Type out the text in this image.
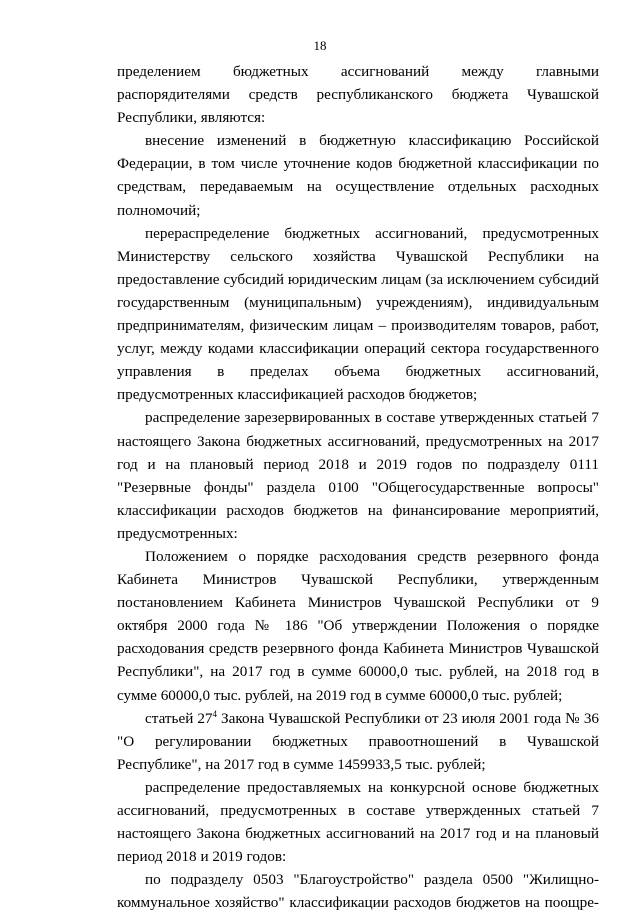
18

пределением бюджетных ассигнований между главными распорядителями средств республиканского бюджета Чувашской Республики, являются:

внесение изменений в бюджетную классификацию Российской Федерации, в том числе уточнение кодов бюджетной классификации по средствам, передаваемым на осуществление отдельных расходных полномочий;

перераспределение бюджетных ассигнований, предусмотренных Министерству сельского хозяйства Чувашской Республики на предоставление субсидий юридическим лицам (за исключением субсидий государственным (муниципальным) учреждениям), индивидуальным предпринимателям, физическим лицам – производителям товаров, работ, услуг, между кодами классификации операций сектора государственного управления в пределах объема бюджетных ассигнований, предусмотренных классификацией расходов бюджетов;

распределение зарезервированных в составе утвержденных статьей 7 настоящего Закона бюджетных ассигнований, предусмотренных на 2017 год и на плановый период 2018 и 2019 годов по подразделу 0111 "Резервные фонды" раздела 0100 "Общегосударственные вопросы" классификации расходов бюджетов на финансирование мероприятий, предусмотренных:

Положением о порядке расходования средств резервного фонда Кабинета Министров Чувашской Республики, утвержденным постановлением Кабинета Министров Чувашской Республики от 9 октября 2000 года № 186 "Об утверждении Положения о порядке расходования средств резервного фонда Кабинета Министров Чувашской Республики", на 2017 год в сумме 60000,0 тыс. рублей, на 2018 год в сумме 60000,0 тыс. рублей, на 2019 год в сумме 60000,0 тыс. рублей;

статьей $27^4$ Закона Чувашской Республики от 23 июля 2001 года № 36 "О регулировании бюджетных правоотношений в Чувашской Республике", на 2017 год в сумме 1459933,5 тыс. рублей;

распределение предоставляемых на конкурсной основе бюджетных ассигнований, предусмотренных в составе утвержденных статьей 7 настоящего Закона бюджетных ассигнований на 2017 год и на плановый период 2018 и 2019 годов:

по подразделу 0503 "Благоустройство" раздела 0500 "Жилищно-коммунальное хозяйство" классификации расходов бюджетов на поощре-
